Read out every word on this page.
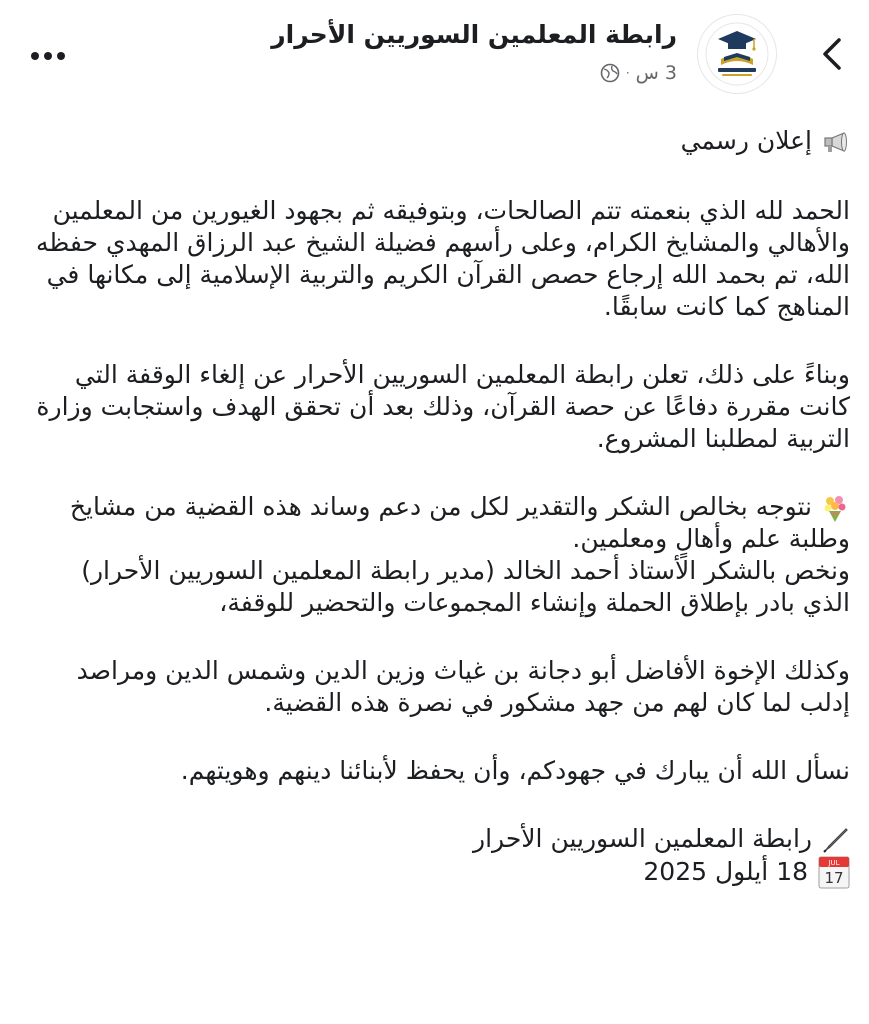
رابطة المعلمين السوريين الأحرار
3 س
·

إعلان رسمي

الحمد لله الذي بنعمته تتم الصالحات، وبتوفيقه ثم بجهود الغيورين من المعلمين والأهالي والمشايخ الكرام، وعلى رأسهم فضيلة الشيخ عبد الرزاق المهدي حفظه الله، تم بحمد الله إرجاع حصص القرآن الكريم والتربية الإسلامية إلى مكانها في المناهج كما كانت سابقًا.

وبناءً على ذلك، تعلن رابطة المعلمين السوريين الأحرار عن إلغاء الوقفة التي كانت مقررة دفاعًا عن حصة القرآن، وذلك بعد أن تحقق الهدف واستجابت وزارة التربية لمطلبنا المشروع.

نتوجه بخالص الشكر والتقدير لكل من دعم وساند هذه القضية من مشايخ وطلبة علم وأهالٍ ومعلمين.

ونخص بالشكر الأستاذ أحمد الخالد (مدير رابطة المعلمين السوريين الأحرار) الذي بادر بإطلاق الحملة وإنشاء المجموعات والتحضير للوقفة،

وكذلك الإخوة الأفاضل أبو دجانة بن غياث وزين الدين وشمس الدين ومراصد إدلب لما كان لهم من جهد مشكور في نصرة هذه القضية.

نسأل الله أن يبارك في جهودكم، وأن يحفظ لأبنائنا دينهم وهويتهم.

رابطة المعلمين السوريين الأحرار

JUL
17
18 أيلول 2025
